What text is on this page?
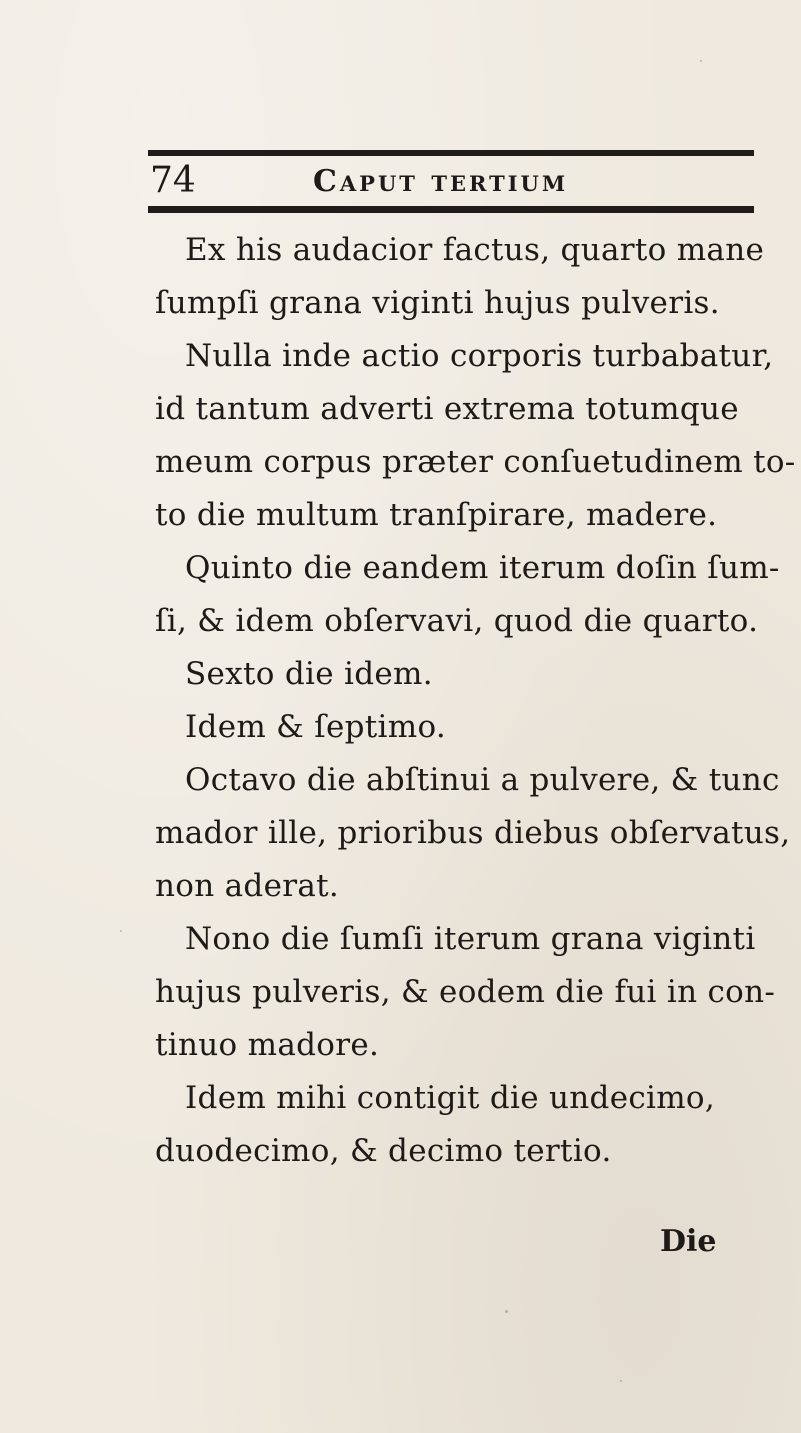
74	Caput tertium
Ex his audacior factus, quarto mane
ſumpſi grana viginti hujus pulveris.
Nulla inde actio corporis turbabatur,
id tantum adverti extrema totumque
meum corpus præter conſuetudinem to-
to die multum tranſpirare, madere.
Quinto die eandem iterum doſin ſum-
ſi, & idem obſervavi, quod die quarto.
Sexto die idem.
Idem & ſeptimo.
Octavo die abſtinui a pulvere, & tunc
mador ille, prioribus diebus obſervatus,
non aderat.
Nono die ſumſi iterum grana viginti
hujus pulveris, & eodem die fui in con-
tinuo madore.
Idem mihi contigit die undecimo,
duodecimo, & decimo tertio.
Die
